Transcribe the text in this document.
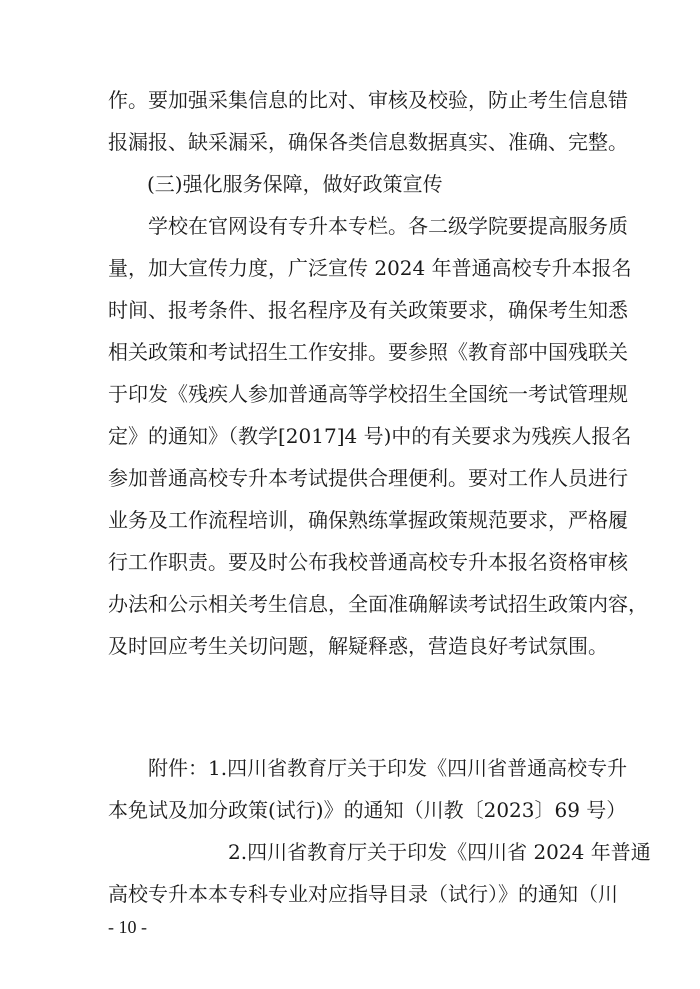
作。要加强采集信息的比对、审核及校验，防止考生信息错
报漏报、缺采漏采，确保各类信息数据真实、准确、完整。
(三)强化服务保障，做好政策宣传
学校在官网设有专升本专栏。各二级学院要提高服务质
量，加大宣传力度，广泛宣传 2024 年普通高校专升本报名
时间、报考条件、报名程序及有关政策要求，确保考生知悉
相关政策和考试招生工作安排。要参照《教育部中国残联关
于印发《残疾人参加普通高等学校招生全国统一考试管理规
定》的通知》（教学[2017]4 号)中的有关要求为残疾人报名
参加普通高校专升本考试提供合理便利。要对工作人员进行
业务及工作流程培训，确保熟练掌握政策规范要求，严格履
行工作职责。要及时公布我校普通高校专升本报名资格审核
办法和公示相关考生信息，全面准确解读考试招生政策内容，
及时回应考生关切问题，解疑释惑，营造良好考试氛围。
附件：1.四川省教育厅关于印发《四川省普通高校专升
本免试及加分政策(试行)》的通知（川教〔2023〕69 号）
2.四川省教育厅关于印发《四川省 2024 年普通
高校专升本本专科专业对应指导目录（试行）》的通知（川
- 10 -
